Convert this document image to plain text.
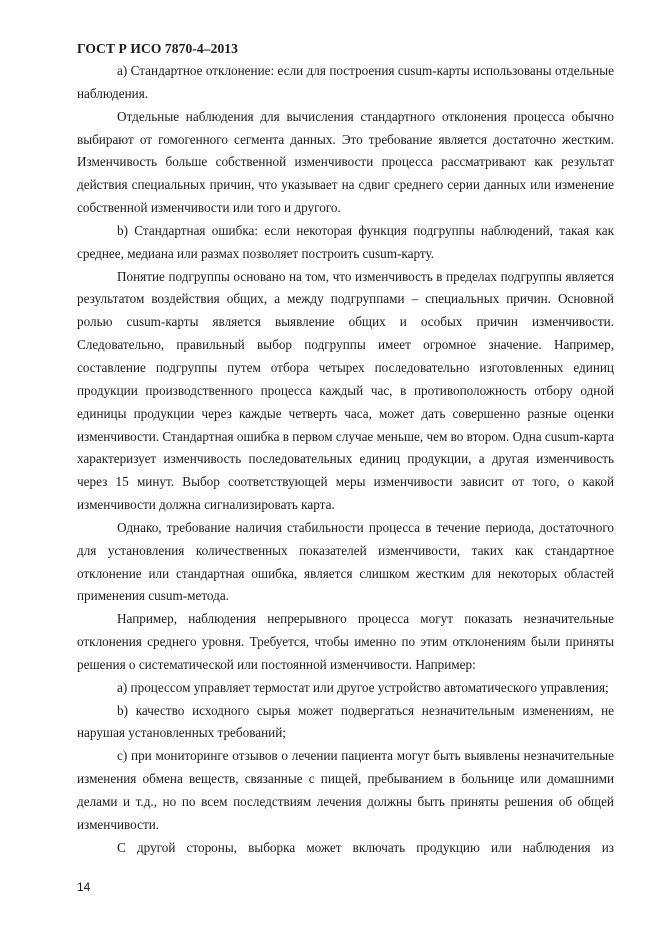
ГОСТ Р ИСО 7870-4–2013

а) Стандартное отклонение: если для построения cusum-карты использованы отдельные наблюдения.

Отдельные наблюдения для вычисления стандартного отклонения процесса обычно выбирают от гомогенного сегмента данных. Это требование является достаточно жестким. Изменчивость больше собственной изменчивости процесса рассматривают как результат действия специальных причин, что указывает на сдвиг среднего серии данных или изменение собственной изменчивости или того и другого.

b) Стандартная ошибка: если некоторая функция подгруппы наблюдений, такая как среднее, медиана или размах позволяет построить cusum-карту.

Понятие подгруппы основано на том, что изменчивость в пределах подгруппы является результатом воздействия общих, а между подгруппами – специальных причин. Основной ролью cusum-карты является выявление общих и особых причин изменчивости. Следовательно, правильный выбор подгруппы имеет огромное значение. Например, составление подгруппы путем отбора четырех последовательно изготовленных единиц продукции производственного процесса каждый час, в противоположность отбору одной единицы продукции через каждые четверть часа, может дать совершенно разные оценки изменчивости. Стандартная ошибка в первом случае меньше, чем во втором. Одна cusum-карта характеризует изменчивость последовательных единиц продукции, а другая изменчивость через 15 минут. Выбор соответствующей меры изменчивости зависит от того, о какой изменчивости должна сигнализировать карта.

Однако, требование наличия стабильности процесса в течение периода, достаточного для установления количественных показателей изменчивости, таких как стандартное отклонение или стандартная ошибка, является слишком жестким для некоторых областей применения cusum-метода.

Например, наблюдения непрерывного процесса могут показать незначительные отклонения среднего уровня. Требуется, чтобы именно по этим отклонениям были приняты решения о систематической или постоянной изменчивости. Например:

а) процессом управляет термостат или другое устройство автоматического управления;

b) качество исходного сырья может подвергаться незначительным изменениям, не нарушая установленных требований;

с) при мониторинге отзывов о лечении пациента могут быть выявлены незначительные изменения обмена веществ, связанные с пищей, пребыванием в больнице или домашними делами и т.д., но по всем последствиям лечения должны быть приняты решения об общей изменчивости.

С другой стороны, выборка может включать продукцию или наблюдения из

14
